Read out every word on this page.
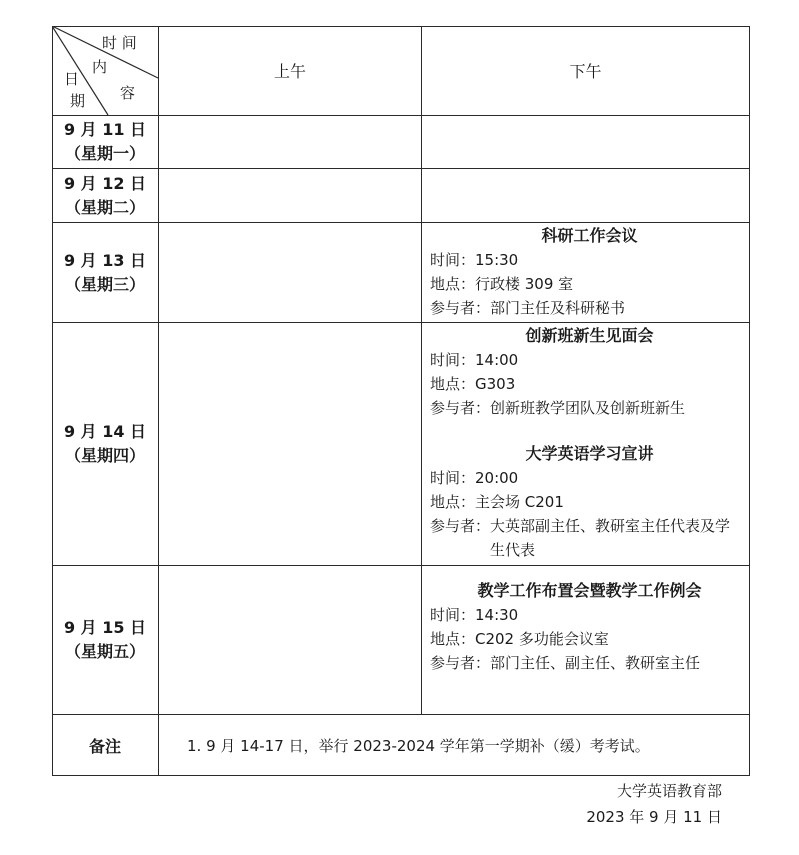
时 间
内
容
日
期
上午	下午
9 月 11 日
（星期一）
9 月 12 日
（星期二）
9 月 13 日
（星期三）
9 月 14 日
（星期四）
9 月 15 日
（星期五）
科研工作会议
时间：15:30
地点：行政楼 309 室
参与者：部门主任及科研秘书
创新班新生见面会
时间：14:00
地点：G303
参与者：创新班教学团队及创新班新生
大学英语学习宣讲
时间：20:00
地点：主会场 C201
参与者： 大英部副主任、教研室主任代表及学生代表
教学工作布置会暨教学工作例会
时间：14:30
地点：C202 多功能会议室
参与者： 部门主任、副主任、教研室主任
备注	1. 9 月 14-17 日，举行 2023-2024 学年第一学期补（缓）考考试。
大学英语教育部
2023 年 9 月 11 日
